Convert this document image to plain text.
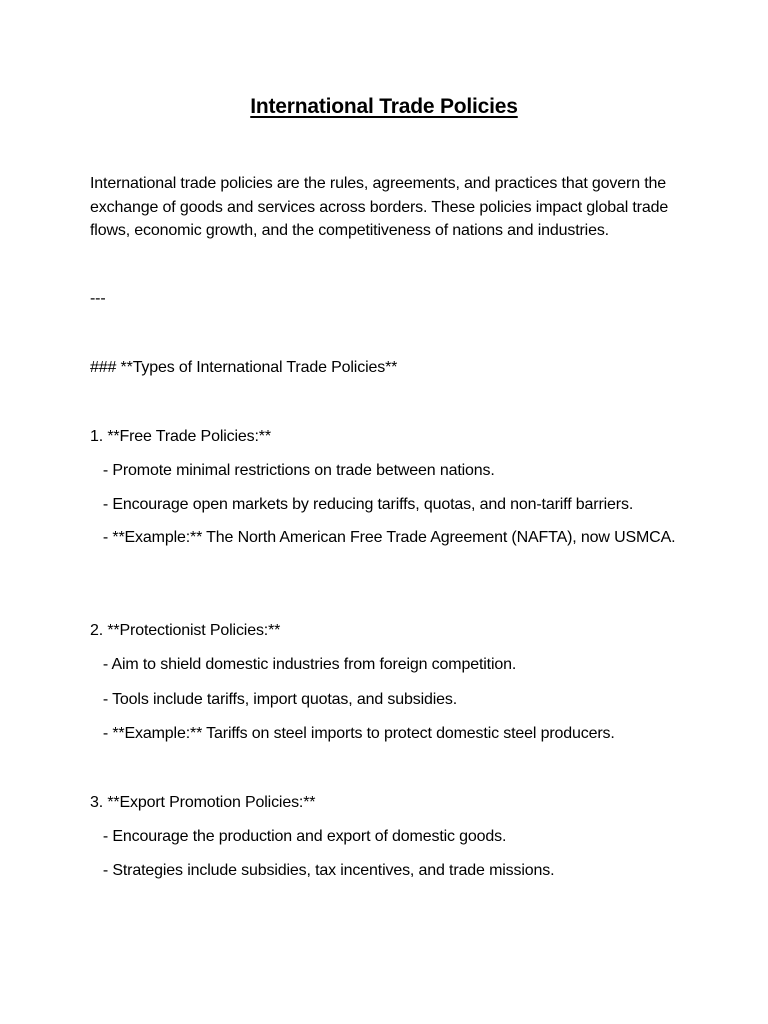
International Trade Policies
International trade policies are the rules, agreements, and practices that govern the exchange of goods and services across borders. These policies impact global trade flows, economic growth, and the competitiveness of nations and industries.
---
### **Types of International Trade Policies**
1. **Free Trade Policies:**
- Promote minimal restrictions on trade between nations.
- Encourage open markets by reducing tariffs, quotas, and non-tariff barriers.
- **Example:** The North American Free Trade Agreement (NAFTA), now USMCA.
2. **Protectionist Policies:**
- Aim to shield domestic industries from foreign competition.
- Tools include tariffs, import quotas, and subsidies.
- **Example:** Tariffs on steel imports to protect domestic steel producers.
3. **Export Promotion Policies:**
- Encourage the production and export of domestic goods.
- Strategies include subsidies, tax incentives, and trade missions.
